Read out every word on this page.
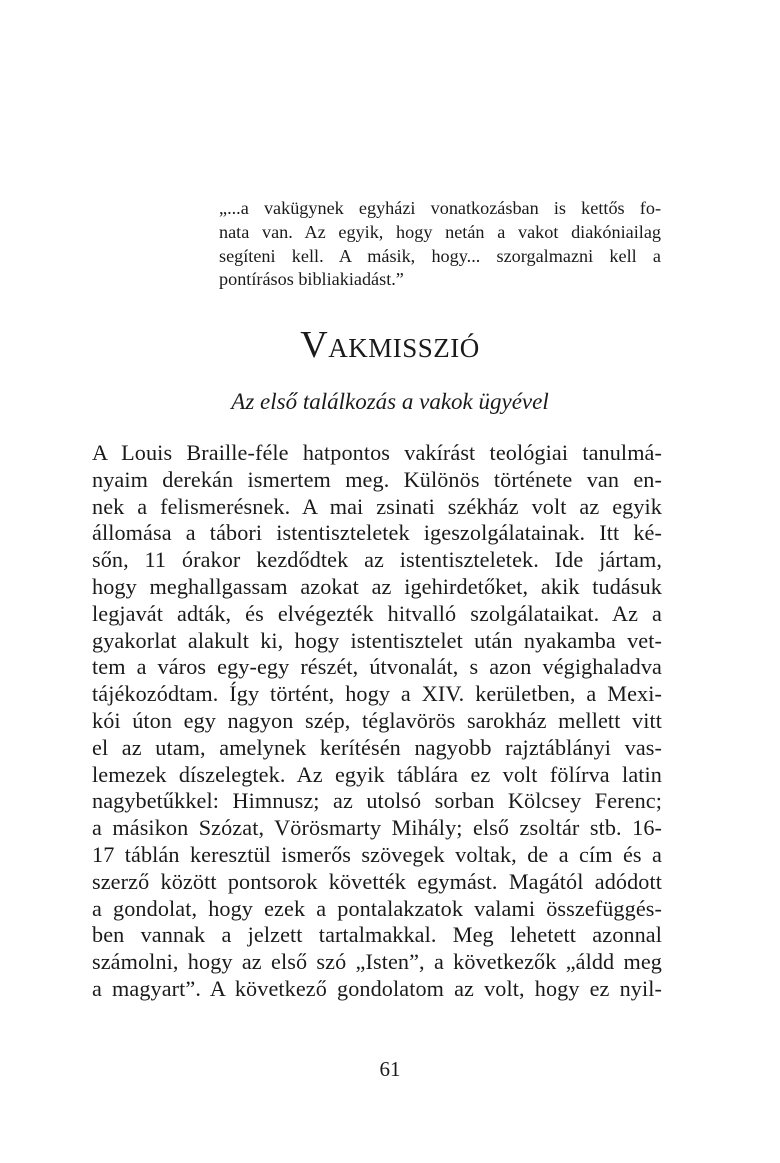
„...a vakügynek egyházi vonatkozásban is kettős fo-
nata van. Az egyik, hogy netán a vakot diakóniailag
segíteni kell. A másik, hogy... szorgalmazni kell a
pontírásos bibliakiadást.”
Vakmisszió
Az első találkozás a vakok ügyével
A Louis Braille-féle hatpontos vakírást teológiai tanulmá-
nyaim derekán ismertem meg. Különös története van en-
nek a felismerésnek. A mai zsinati székház volt az egyik
állomása a tábori istentiszteletek igeszolgálatainak. Itt ké-
sőn, 11 órakor kezdődtek az istentiszteletek. Ide jártam,
hogy meghallgassam azokat az igehirdetőket, akik tudásuk
legjavát adták, és elvégezték hitvalló szolgálataikat. Az a
gyakorlat alakult ki, hogy istentisztelet után nyakamba vet-
tem a város egy-egy részét, útvonalát, s azon végighaladva
tájékozódtam. Így történt, hogy a XIV. kerületben, a Mexi-
kói úton egy nagyon szép, téglavörös sarokház mellett vitt
el az utam, amelynek kerítésén nagyobb rajztáblányi vas-
lemezek díszelegtek. Az egyik táblára ez volt fölírva latin
nagybetűkkel: Himnusz; az utolsó sorban Kölcsey Ferenc;
a másikon Szózat, Vörösmarty Mihály; első zsoltár stb. 16-
17 táblán keresztül ismerős szövegek voltak, de a cím és a
szerző között pontsorok követték egymást. Magától adódott
a gondolat, hogy ezek a pontalakzatok valami összefüggés-
ben vannak a jelzett tartalmakkal. Meg lehetett azonnal
számolni, hogy az első szó „Isten”, a következők „áldd meg
a magyart”. A következő gondolatom az volt, hogy ez nyil-
61
